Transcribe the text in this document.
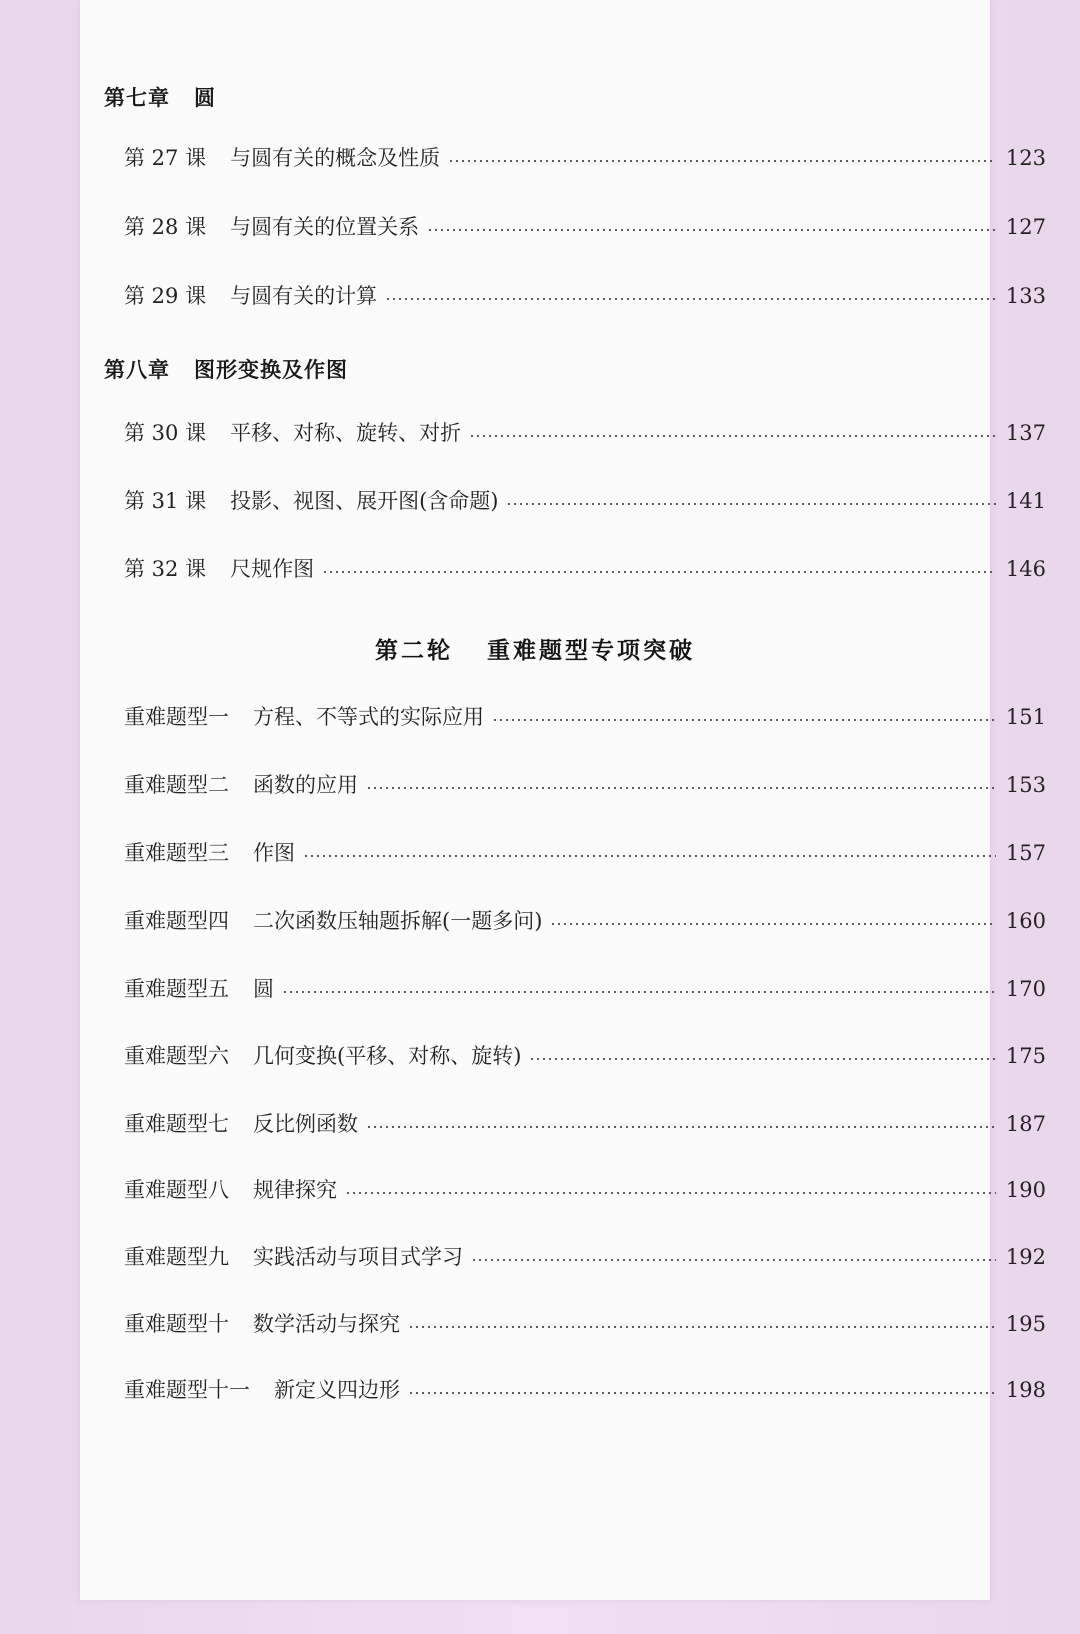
第七章 圆
第 27 课 与圆有关的概念及性质	123
第 28 课 与圆有关的位置关系	127
第 29 课 与圆有关的计算	133
第八章 图形变换及作图
第 30 课 平移、对称、旋转、对折	137
第 31 课 投影、视图、展开图(含命题)	141
第 32 课 尺规作图	146
第二轮 重难题型专项突破
重难题型一 方程、不等式的实际应用	151
重难题型二 函数的应用	153
重难题型三 作图	157
重难题型四 二次函数压轴题拆解(一题多问)	160
重难题型五 圆	170
重难题型六 几何变换(平移、对称、旋转)	175
重难题型七 反比例函数	187
重难题型八 规律探究	190
重难题型九 实践活动与项目式学习	192
重难题型十 数学活动与探究	195
重难题型十一 新定义四边形	198
